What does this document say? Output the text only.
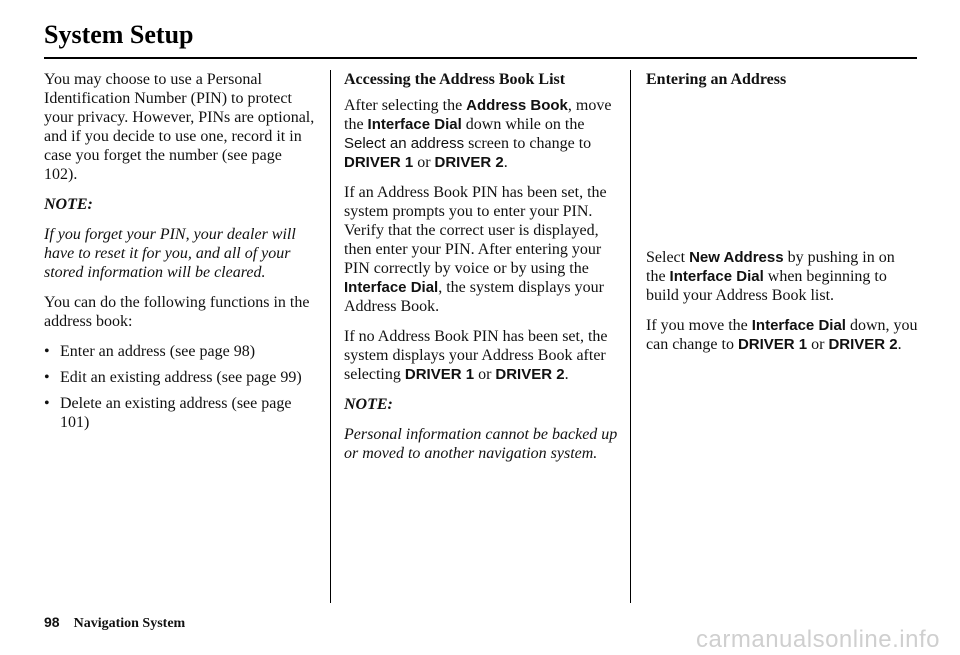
System Setup

You may choose to use a Personal Identification Number (PIN) to protect your privacy. However, PINs are optional, and if you decide to use one, record it in case you forget the number (see page 102).

NOTE:

If you forget your PIN, your dealer will have to reset it for you, and all of your stored information will be cleared.

You can do the following functions in the address book:

• Enter an address (see page 98)
• Edit an existing address (see page 99)
• Delete an existing address (see page 101)

Accessing the Address Book List

After selecting the Address Book, move the Interface Dial down while on the Select an address screen to change to DRIVER 1 or DRIVER 2.

If an Address Book PIN has been set, the system prompts you to enter your PIN. Verify that the correct user is displayed, then enter your PIN. After entering your PIN correctly by voice or by using the Interface Dial, the system displays your Address Book.

If no Address Book PIN has been set, the system displays your Address Book after selecting DRIVER 1 or DRIVER 2.

NOTE:

Personal information cannot be backed up or moved to another navigation system.

Entering an Address

Select New Address by pushing in on the Interface Dial when beginning to build your Address Book list.

If you move the Interface Dial down, you can change to DRIVER 1 or DRIVER 2.

98 Navigation System
carmanualsonline.info
